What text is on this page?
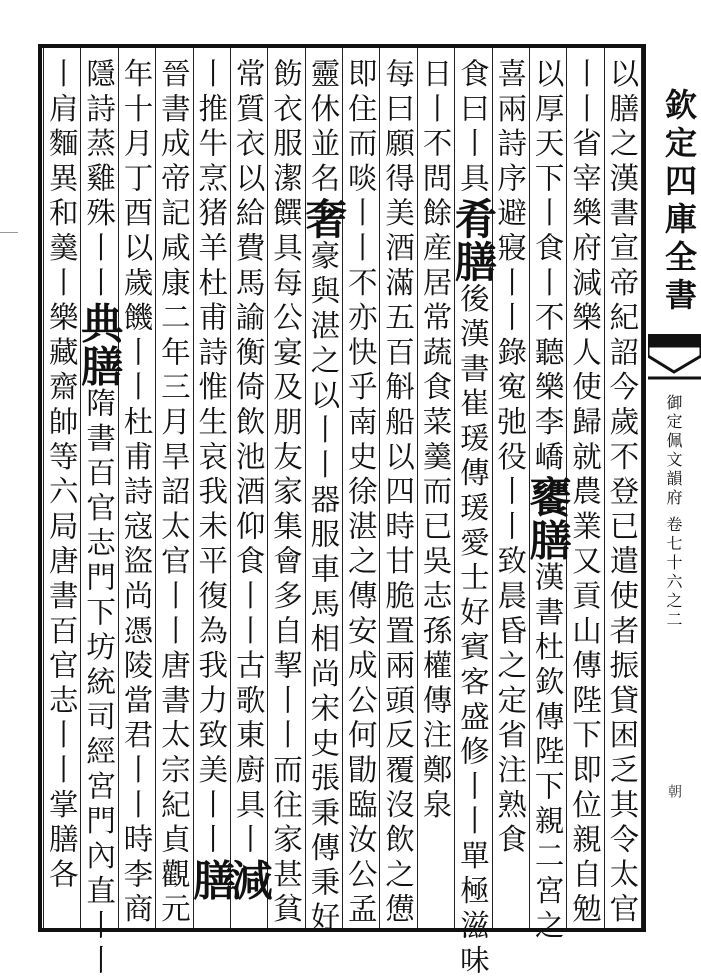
以膳之漢書宣帝紀詔今歲不登已遣使者振貸困乏其令太官
丨丨省宰樂府減樂人使歸就農業又貢山傳陛下即位親自勉
以厚天下丨食丨不聽樂李嶠饔膳漢書杜欽傳陛下親二宮之
喜兩詩序避寢丨丨錄寃弛役丨丨致晨昏之定省注熟食
食曰丨具肴膳後漢書崔瑗傳瑗愛士好賓客盛修丨丨單極滋味
日丨不問餘産居常蔬食菜羹而已吳志孫權傳注鄭泉
每曰願得美酒滿五百斛船以四時甘脆置兩頭反覆沒飲之憊
即住而啖丨丨不亦快乎南史徐湛之傳安成公何勖臨汝公孟
靈休並名奢豪與湛之以丨丨器服車馬相尚宋史張秉傳秉好
飭衣服潔饌具每公宴及朋友家集會多自挈丨丨而往家甚貧
常質衣以給費馬諭衡倚飲池酒仰食丨丨古歌東廚具丨減
丨推牛烹猪羊杜甫詩惟生哀我未平復為我力致美丨丨膳
晉書成帝記咸康二年三月旱詔太官丨丨唐書太宗紀貞觀元
年十月丁酉以歲饑丨丨杜甫詩寇盜尚憑陵當君丨丨時李商
隱詩蒸雞殊丨丨典膳隋書百官志門下坊統司經宮門內直丨丨
丨肩麵異和羹丨樂藏齋帥等六局唐書百官志丨丨掌膳各
欽定四庫全書
御定佩文韻府 卷七十六之二
朝
